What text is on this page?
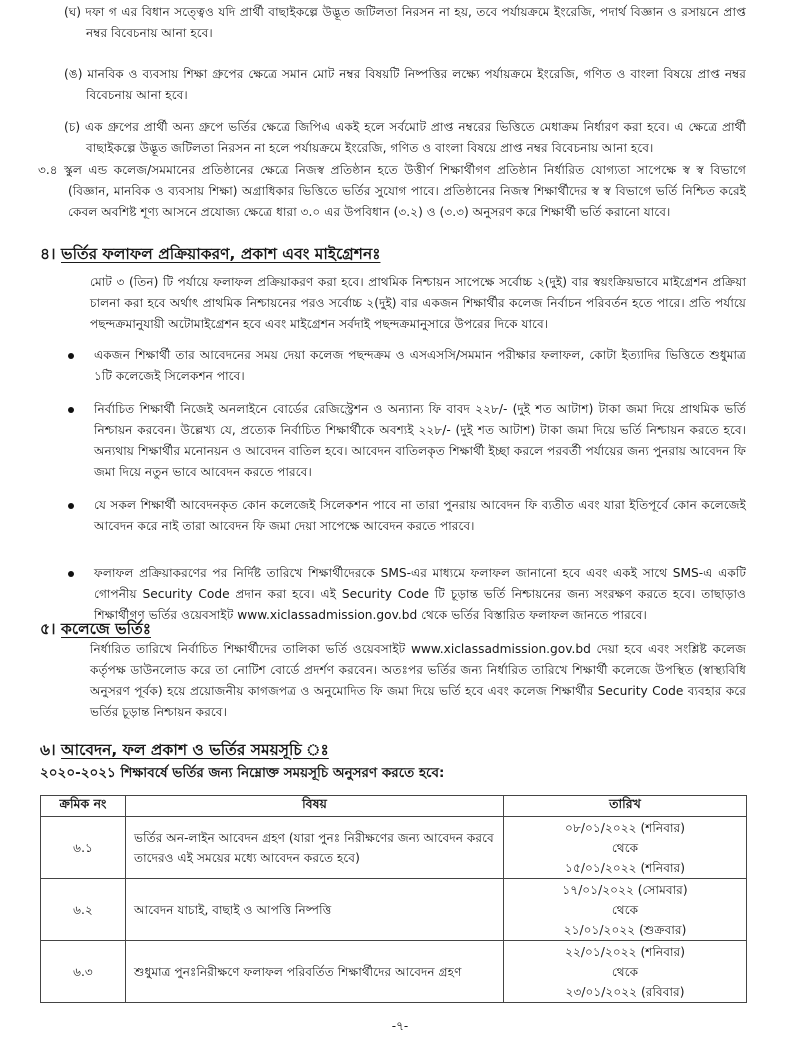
(ঘ) দফা গ এর বিধান সত্ত্বেও যদি প্রার্থী বাছাইকল্পে উদ্ভূত জটিলতা নিরসন না হয়, তবে পর্যায়ক্রমে ইংরেজি, পদার্থ বিজ্ঞান ও রসায়নে প্রাপ্ত নম্বর বিবেচনায় আনা হবে।
(ঙ) মানবিক ও ব্যবসায় শিক্ষা গ্রুপের ক্ষেত্রে সমান মোট নম্বর বিষয়টি নিষ্পত্তির লক্ষ্যে পর্যায়ক্রমে ইংরেজি, গণিত ও বাংলা বিষয়ে প্রাপ্ত নম্বর বিবেচনায় আনা হবে।
(চ) এক গ্রুপের প্রার্থী অন্য গ্রুপে ভর্তির ক্ষেত্রে জিপিএ একই হলে সর্বমোট প্রাপ্ত নম্বরের ভিত্তিতে মেধাক্রম নির্ধারণ করা হবে। এ ক্ষেত্রে প্রার্থী বাছাইকল্পে উদ্ভূত জটিলতা নিরসন না হলে পর্যায়ক্রমে ইংরেজি, গণিত ও বাংলা বিষয়ে প্রাপ্ত নম্বর বিবেচনায় আনা হবে।
৩.৪ স্কুল এন্ড কলেজ/সমমানের প্রতিষ্ঠানের ক্ষেত্রে নিজস্ব প্রতিষ্ঠান হতে উত্তীর্ণ শিক্ষার্থীগণ প্রতিষ্ঠান নির্ধারিত যোগ্যতা সাপেক্ষে স্ব স্ব বিভাগে (বিজ্ঞান, মানবিক ও ব্যবসায় শিক্ষা) অগ্রাধিকার ভিত্তিতে ভর্তির সুযোগ পাবে। প্রতিষ্ঠানের নিজস্ব শিক্ষার্থীদের স্ব স্ব বিভাগে ভর্তি নিশ্চিত করেই কেবল অবশিষ্ট শূণ্য আসনে প্রযোজ্য ক্ষেত্রে ধারা ৩.০ এর উপবিধান (৩.২) ও (৩.৩) অনুসরণ করে শিক্ষার্থী ভর্তি করানো যাবে।
৪। ভর্তির ফলাফল প্রক্রিয়াকরণ, প্রকাশ এবং মাইগ্রেশনঃ
মোট ৩ (তিন) টি পর্যায়ে ফলাফল প্রক্রিয়াকরণ করা হবে। প্রাথমিক নিশ্চায়ন সাপেক্ষে সর্বোচ্চ ২(দুই) বার স্বয়ংক্রিয়ভাবে মাইগ্রেশন প্রক্রিয়া চালনা করা হবে অর্থাৎ প্রাথমিক নিশ্চায়নের পরও সর্বোচ্চ ২(দুই) বার একজন শিক্ষার্থীর কলেজ নির্বাচন পরিবর্তন হতে পারে। প্রতি পর্যায়ে পছন্দক্রমানুযায়ী অটোমাইগ্রেশন হবে এবং মাইগ্রেশন সর্বদাই পছন্দক্রমানুসারে উপরের দিকে যাবে।
একজন শিক্ষার্থী তার আবেদনের সময় দেয়া কলেজ পছন্দক্রম ও এসএসসি/সমমান পরীক্ষার ফলাফল, কোটা ইত্যাদির ভিত্তিতে শুধুমাত্র ১টি কলেজেই সিলেকশন পাবে।
নির্বাচিত শিক্ষার্থী নিজেই অনলাইনে বোর্ডের রেজিস্ট্রেশন ও অন্যান্য ফি বাবদ ২২৮/- (দুই শত আটাশ) টাকা জমা দিয়ে প্রাথমিক ভর্তি নিশ্চায়ন করবেন। উল্লেখ্য যে, প্রত্যেক নির্বাচিত শিক্ষার্থীকে অবশ্যই ২২৮/- (দুই শত আটাশ) টাকা জমা দিয়ে ভর্তি নিশ্চায়ন করতে হবে। অন্যথায় শিক্ষার্থীর মনোনয়ন ও আবেদন বাতিল হবে। আবেদন বাতিলকৃত শিক্ষার্থী ইচ্ছা করলে পরবর্তী পর্যায়ের জন্য পুনরায় আবেদন ফি জমা দিয়ে নতুন ভাবে আবেদন করতে পারবে।
যে সকল শিক্ষার্থী আবেদনকৃত কোন কলেজেই সিলেকশন পাবে না তারা পুনরায় আবেদন ফি ব্যতীত এবং যারা ইতিপূর্বে কোন কলেজেই আবেদন করে নাই তারা আবেদন ফি জমা দেয়া সাপেক্ষে আবেদন করতে পারবে।
ফলাফল প্রক্রিয়াকরণের পর নির্দিষ্ট তারিখে শিক্ষার্থীদেরকে SMS-এর মাধ্যমে ফলাফল জানানো হবে এবং একই সাথে SMS-এ একটি গোপনীয় Security Code প্রদান করা হবে। এই Security Code টি চূড়ান্ত ভর্তি নিশ্চায়নের জন্য সংরক্ষণ করতে হবে। তাছাড়াও শিক্ষার্থীগণ ভর্তির ওয়েবসাইট www.xiclassadmission.gov.bd থেকে ভর্তির বিস্তারিত ফলাফল জানতে পারবে।
৫। কলেজে ভর্তিঃ
নির্ধারিত তারিখে নির্বাচিত শিক্ষার্থীদের তালিকা ভর্তি ওয়েবসাইট www.xiclassadmission.gov.bd দেয়া হবে এবং সংশ্লিষ্ট কলেজ কর্তৃপক্ষ ডাউনলোড করে তা নোটিশ বোর্ডে প্রদর্শণ করবেন। অতঃপর ভর্তির জন্য নির্ধারিত তারিখে শিক্ষার্থী কলেজে উপস্থিত (স্বাস্থ্যবিধি অনুসরণ পূর্বক) হয়ে প্রয়োজনীয় কাগজপত্র ও অনুমোদিত ফি জমা দিয়ে ভর্তি হবে এবং কলেজ শিক্ষার্থীর Security Code ব্যবহার করে ভর্তির চূড়ান্ত নিশ্চায়ন করবে।
৬। আবেদন, ফল প্রকাশ ও ভর্তির সময়সূচি ঃ
২০২০-২০২১ শিক্ষাবর্ষে ভর্তির জন্য নিম্নোক্ত সময়সূচি অনুসরণ করতে হবে:
ক্রমিক নং	বিষয়	তারিখ
৬.১	ভর্তির অন-লাইন আবেদন গ্রহণ (যারা পুনঃ নিরীক্ষণের জন্য আবেদন করবে তাদেরও এই সময়ের মধ্যে আবেদন করতে হবে)	০৮/০১/২০২২ (শনিবার)
থেকে
১৫/০১/২০২২ (শনিবার)

৬.২	আবেদন যাচাই, বাছাই ও আপত্তি নিষ্পত্তি	১৭/০১/২০২২ (সোমবার)
থেকে
২১/০১/২০২২ (শুক্রবার)

৬.৩	শুধুমাত্র পুনঃনিরীক্ষণে ফলাফল পরিবর্তিত শিক্ষার্থীদের আবেদন গ্রহণ	২২/০১/২০২২ (শনিবার)
থেকে
২৩/০১/২০২২ (রবিবার)
-৭-
